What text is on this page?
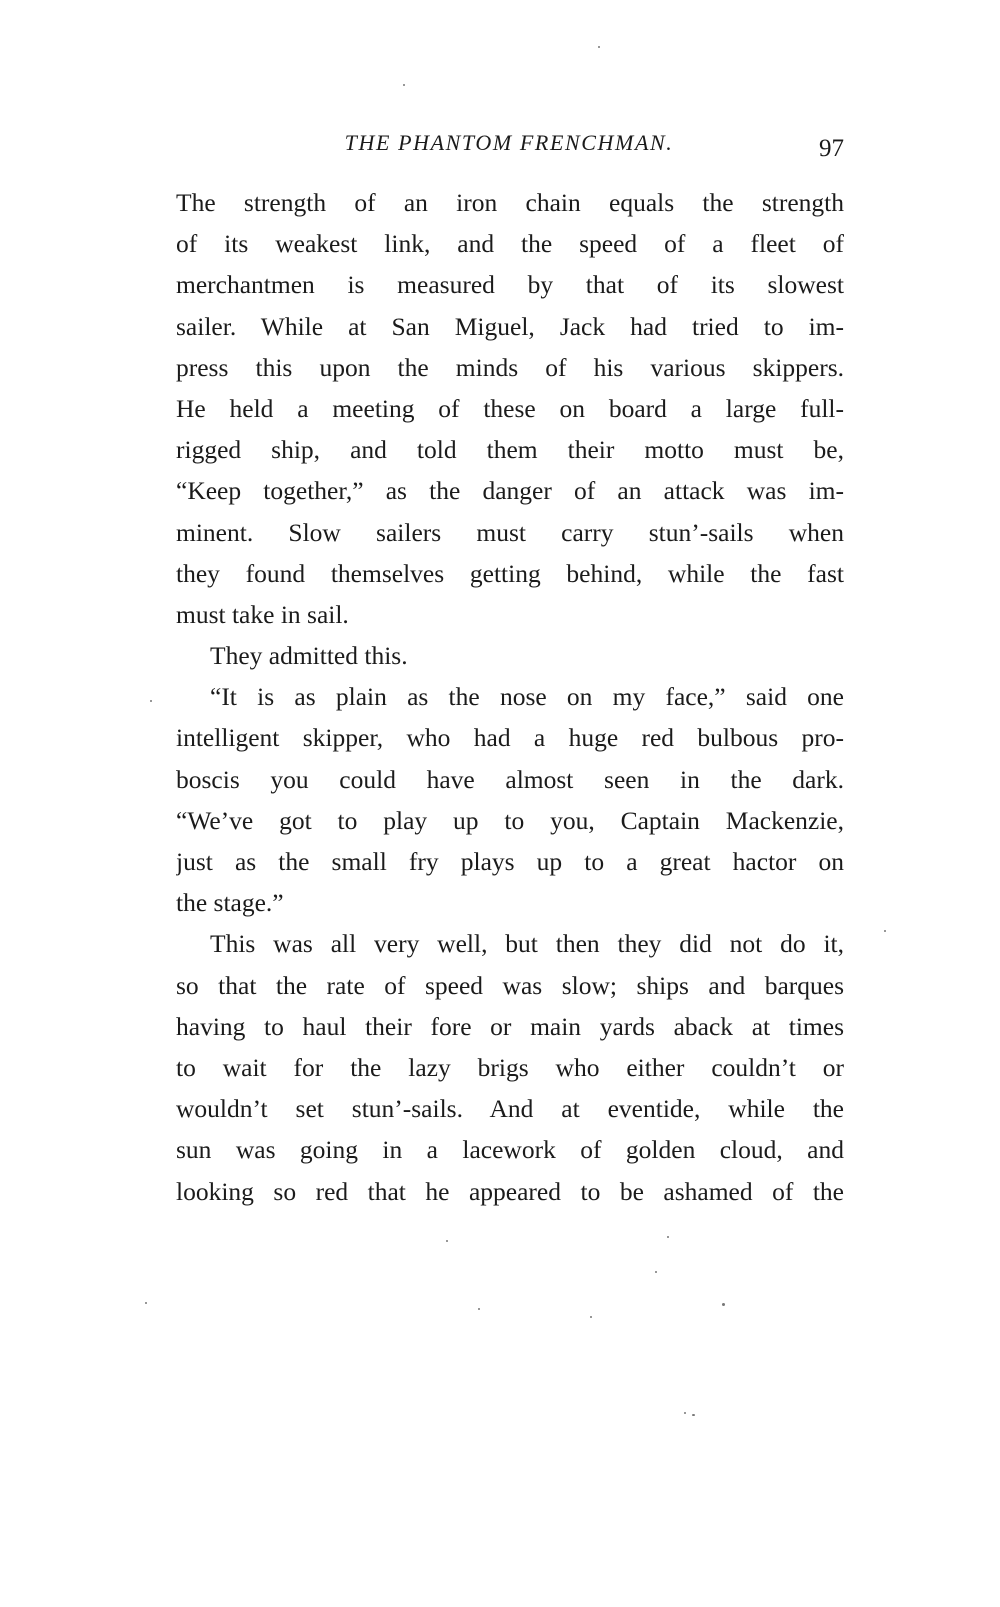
THE PHANTOM FRENCHMAN.	97
The strength of an iron chain equals the strength
of its weakest link, and the speed of a fleet of
merchantmen is measured by that of its slowest
sailer. While at San Miguel, Jack had tried to im-
press this upon the minds of his various skippers.
He held a meeting of these on board a large full-
rigged ship, and told them their motto must be,
“Keep together,” as the danger of an attack was im-
minent. Slow sailers must carry stun’-sails when
they found themselves getting behind, while the fast
must take in sail.
They admitted this.
“It is as plain as the nose on my face,” said one
intelligent skipper, who had a huge red bulbous pro-
boscis you could have almost seen in the dark.
“We’ve got to play up to you, Captain Mackenzie,
just as the small fry plays up to a great hactor on
the stage.”
This was all very well, but then they did not do it,
so that the rate of speed was slow; ships and barques
having to haul their fore or main yards aback at times
to wait for the lazy brigs who either couldn’t or
wouldn’t set stun’-sails. And at eventide, while the
sun was going in a lacework of golden cloud, and
looking so red that he appeared to be ashamed of the
